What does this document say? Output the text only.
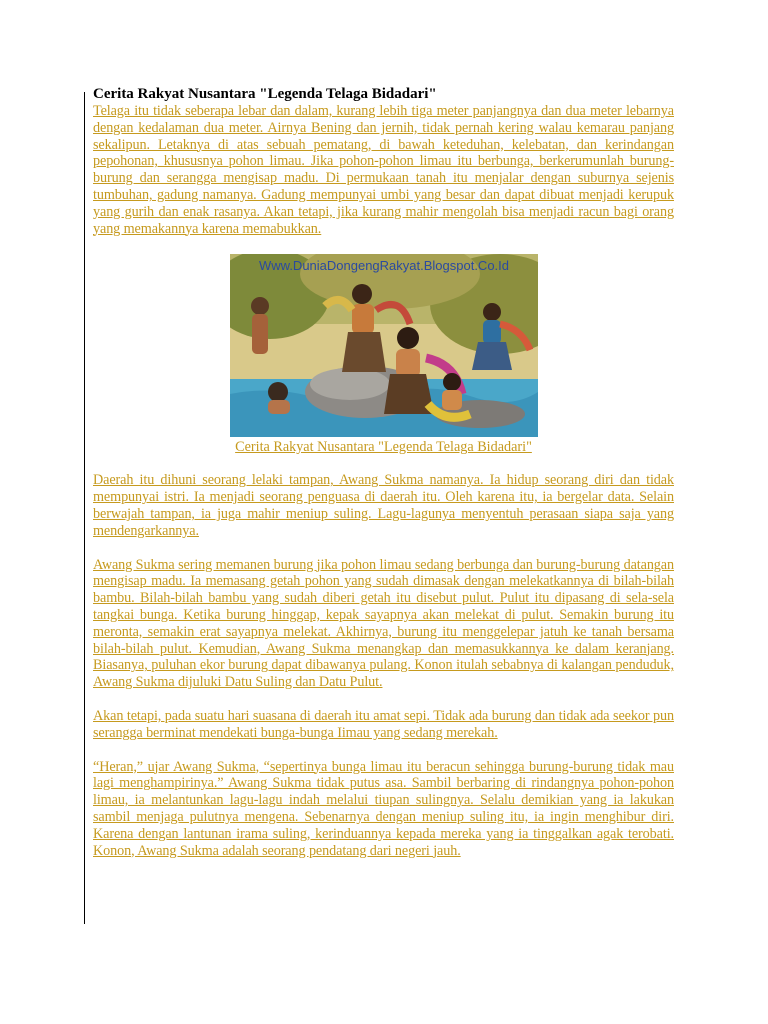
Cerita Rakyat Nusantara "Legenda Telaga Bidadari"

Telaga itu tidak seberapa lebar dan dalam, kurang lebih tiga meter panjangnya dan dua meter lebarnya dengan kedalaman dua meter. Airnya Bening dan jernih, tidak pernah kering walau kemarau panjang sekalipun. Letaknya di atas sebuah pematang, di bawah keteduhan, kelebatan, dan kerindangan pepohonan, khususnya pohon limau. Jika pohon-pohon limau itu berbunga, berkerumunlah burung-burung dan serangga mengisap madu. Di permukaan tanah itu menjalar dengan suburnya sejenis tumbuhan, gadung namanya. Gadung mempunyai umbi yang besar dan dapat dibuat menjadi kerupuk yang gurih dan enak rasanya. Akan tetapi, jika kurang mahir mengolah bisa menjadi racun bagi orang yang memakannya karena memabukkan.

Www.DuniaDongengRakyat.Blogspot.Co.Id
Cerita Rakyat Nusantara "Legenda Telaga Bidadari"

Daerah itu dihuni seorang lelaki tampan, Awang Sukma namanya. Ia hidup seorang diri dan tidak mempunyai istri. Ia menjadi seorang penguasa di daerah itu. Oleh karena itu, ia bergelar data. Selain berwajah tampan, ia juga mahir meniup suling. Lagu-lagunya menyentuh perasaan siapa saja yang mendengarkannya.

Awang Sukma sering memanen burung jika pohon limau sedang berbunga dan burung-burung datangan mengisap madu. Ia memasang getah pohon yang sudah dimasak dengan melekatkannya di bilah-bilah bambu. Bilah-bilah bambu yang sudah diberi getah itu disebut pulut. Pulut itu dipasang di sela-sela tangkai bunga. Ketika burung hinggap, kepak sayapnya akan melekat di pulut. Semakin burung itu meronta, semakin erat sayapnya melekat. Akhirnya, burung itu menggelepar jatuh ke tanah bersama bilah-bilah pulut. Kemudian, Awang Sukma menangkap dan memasukkannya ke dalam keranjang. Biasanya, puluhan ekor burung dapat dibawanya pulang. Konon itulah sebabnya di kalangan penduduk, Awang Sukma dijuluki Datu Suling dan Datu Pulut.

Akan tetapi, pada suatu hari suasana di daerah itu amat sepi. Tidak ada burung dan tidak ada seekor pun serangga berminat mendekati bunga-bunga Iimau yang sedang merekah.

“Heran,” ujar Awang Sukma, “sepertinya bunga limau itu beracun sehingga burung-burung tidak mau lagi menghampirinya.” Awang Sukma tidak putus asa. Sambil berbaring di rindangnya pohon-pohon limau, ia melantunkan lagu-lagu indah melalui tiupan sulingnya. Selalu demikian yang ia lakukan sambil menjaga pulutnya mengena. Sebenarnya dengan meniup suling itu, ia ingin menghibur diri. Karena dengan lantunan irama suling, kerinduannya kepada mereka yang ia tinggalkan agak terobati. Konon, Awang Sukma adalah seorang pendatang dari negeri jauh.
